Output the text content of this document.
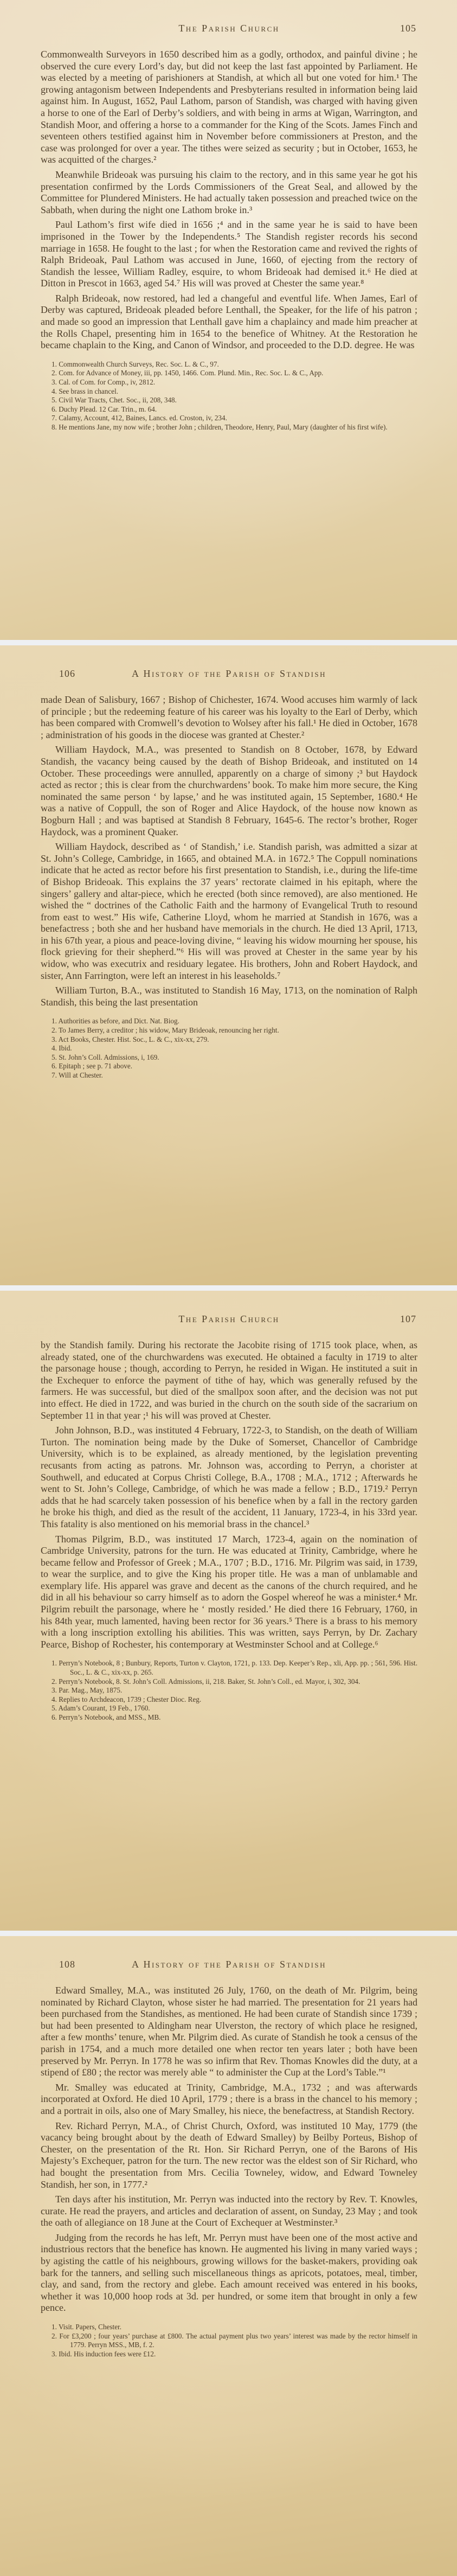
The Parish Church	105

Commonwealth Surveyors in 1650 described him as a godly, orthodox, and painful divine ; he observed the cure every Lord’s day, but did not keep the last fast appointed by Parliament. He was elected by a meeting of parishioners at Standish, at which all but one voted for him.¹ The growing antagonism between Independents and Presbyterians resulted in information being laid against him. In August, 1652, Paul Lathom, parson of Standish, was charged with having given a horse to one of the Earl of Derby’s soldiers, and with being in arms at Wigan, Warrington, and Standish Moor, and offering a horse to a commander for the King of the Scots. James Finch and seventeen others testified against him in November before commissioners at Preston, and the case was prolonged for over a year. The tithes were seized as security ; but in October, 1653, he was acquitted of the charges.²

Meanwhile Brideoak was pursuing his claim to the rectory, and in this same year he got his presentation confirmed by the Lords Commissioners of the Great Seal, and allowed by the Committee for Plundered Ministers. He had actually taken possession and preached twice on the Sabbath, when during the night one Lathom broke in.³

Paul Lathom’s first wife died in 1656 ;⁴ and in the same year he is said to have been imprisoned in the Tower by the Independents.⁵ The Standish register records his second marriage in 1658. He fought to the last ; for when the Restoration came and revived the rights of Ralph Brideoak, Paul Lathom was accused in June, 1660, of ejecting from the rectory of Standish the lessee, William Radley, esquire, to whom Brideoak had demised it.⁶ He died at Ditton in Prescot in 1663, aged 54.⁷ His will was proved at Chester the same year.⁸

Ralph Brideoak, now restored, had led a changeful and eventful life. When James, Earl of Derby was captured, Brideoak pleaded before Lenthall, the Speaker, for the life of his patron ; and made so good an impression that Lenthall gave him a chaplaincy and made him preacher at the Rolls Chapel, presenting him in 1654 to the benefice of Whitney. At the Restoration he became chaplain to the King, and Canon of Windsor, and proceeded to the D.D. degree. He was

1. Commonwealth Church Surveys, Rec. Soc. L. & C., 97.
2. Com. for Advance of Money, iii, pp. 1450, 1466. Com. Plund. Min., Rec. Soc. L. & C., App.
3. Cal. of Com. for Comp., iv, 2812.
4. See brass in chancel.
5. Civil War Tracts, Chet. Soc., ii, 208, 348.
6. Duchy Plead. 12 Car. Trin., m. 64.
7. Calamy, Account, 412, Baines, Lancs. ed. Croston, iv, 234.
8. He mentions Jane, my now wife ; brother John ; children, Theodore, Henry, Paul, Mary (daughter of his first wife).
106	A History of the Parish of Standish

made Dean of Salisbury, 1667 ; Bishop of Chichester, 1674. Wood accuses him warmly of lack of principle ; but the redeeming feature of his career was his loyalty to the Earl of Derby, which has been compared with Cromwell’s devotion to Wolsey after his fall.¹ He died in October, 1678 ; administration of his goods in the diocese was granted at Chester.²

William Haydock, M.A., was presented to Standish on 8 October, 1678, by Edward Standish, the vacancy being caused by the death of Bishop Brideoak, and instituted on 14 October. These proceedings were annulled, apparently on a charge of simony ;³ but Haydock acted as rector ; this is clear from the churchwardens’ book. To make him more secure, the King nominated the same person ‘ by lapse,’ and he was instituted again, 15 September, 1680.⁴ He was a native of Coppull, the son of Roger and Alice Haydock, of the house now known as Bogburn Hall ; and was baptised at Standish 8 February, 1645-6. The rector’s brother, Roger Haydock, was a prominent Quaker.

William Haydock, described as ‘ of Standish,’ i.e. Standish parish, was admitted a sizar at St. John’s College, Cambridge, in 1665, and obtained M.A. in 1672.⁵ The Coppull nominations indicate that he acted as rector before his first presentation to Standish, i.e., during the life-time of Bishop Brideoak. This explains the 37 years’ rectorate claimed in his epitaph, where the singers’ gallery and altar-piece, which he erected (both since removed), are also mentioned. He wished the “ doctrines of the Catholic Faith and the harmony of Evangelical Truth to resound from east to west.” His wife, Catherine Lloyd, whom he married at Standish in 1676, was a benefactress ; both she and her husband have memorials in the church. He died 13 April, 1713, in his 67th year, a pious and peace-loving divine, “ leaving his widow mourning her spouse, his flock grieving for their shepherd.”⁶ His will was proved at Chester in the same year by his widow, who was executrix and residuary legatee. His brothers, John and Robert Haydock, and sister, Ann Farrington, were left an interest in his leaseholds.⁷

William Turton, B.A., was instituted to Standish 16 May, 1713, on the nomination of Ralph Standish, this being the last presentation

1. Authorities as before, and Dict. Nat. Biog.
2. To James Berry, a creditor ; his widow, Mary Brideoak, renouncing her right.
3. Act Books, Chester. Hist. Soc., L. & C., xix-xx, 279.
4. Ibid.
5. St. John’s Coll. Admissions, i, 169.
6. Epitaph ; see p. 71 above.
7. Will at Chester.
The Parish Church	107

by the Standish family. During his rectorate the Jacobite rising of 1715 took place, when, as already stated, one of the churchwardens was executed. He obtained a faculty in 1719 to alter the parsonage house ; though, according to Perryn, he resided in Wigan. He instituted a suit in the Exchequer to enforce the payment of tithe of hay, which was generally refused by the farmers. He was successful, but died of the smallpox soon after, and the decision was not put into effect. He died in 1722, and was buried in the church on the south side of the sacrarium on September 11 in that year ;¹ his will was proved at Chester.

John Johnson, B.D., was instituted 4 February, 1722-3, to Standish, on the death of William Turton. The nomination being made by the Duke of Somerset, Chancellor of Cambridge University, which is to be explained, as already mentioned, by the legislation preventing recusants from acting as patrons. Mr. Johnson was, according to Perryn, a chorister at Southwell, and educated at Corpus Christi College, B.A., 1708 ; M.A., 1712 ; Afterwards he went to St. John’s College, Cambridge, of which he was made a fellow ; B.D., 1719.² Perryn adds that he had scarcely taken possession of his benefice when by a fall in the rectory garden he broke his thigh, and died as the result of the accident, 11 January, 1723-4, in his 33rd year. This fatality is also mentioned on his memorial brass in the chancel.³

Thomas Pilgrim, B.D., was instituted 17 March, 1723-4, again on the nomination of Cambridge University, patrons for the turn. He was educated at Trinity, Cambridge, where he became fellow and Professor of Greek ; M.A., 1707 ; B.D., 1716. Mr. Pilgrim was said, in 1739, to wear the surplice, and to give the King his proper title. He was a man of unblamable and exemplary life. His apparel was grave and decent as the canons of the church required, and he did in all his behaviour so carry himself as to adorn the Gospel whereof he was a minister.⁴ Mr. Pilgrim rebuilt the parsonage, where he ‘ mostly resided.’ He died there 16 February, 1760, in his 84th year, much lamented, having been rector for 36 years.⁵ There is a brass to his memory with a long inscription extolling his abilities. This was written, says Perryn, by Dr. Zachary Pearce, Bishop of Rochester, his contemporary at Westminster School and at College.⁶

1. Perryn’s Notebook, 8 ; Bunbury, Reports, Turton v. Clayton, 1721, p. 133. Dep. Keeper’s Rep., xli, App. pp. ; 561, 596. Hist. Soc., L. & C., xix-xx, p. 265.
2. Perryn’s Notebook, 8. St. John’s Coll. Admissions, ii, 218. Baker, St. John’s Coll., ed. Mayor, i, 302, 304.
3. Par. Mag., May, 1875.
4. Replies to Archdeacon, 1739 ; Chester Dioc. Reg.
5. Adam’s Courant, 19 Feb., 1760.
6. Perryn’s Notebook, and MSS., MB.
108	A History of the Parish of Standish

Edward Smalley, M.A., was instituted 26 July, 1760, on the death of Mr. Pilgrim, being nominated by Richard Clayton, whose sister he had married. The presentation for 21 years had been purchased from the Standishes, as mentioned. He had been curate of Standish since 1739 ; but had been presented to Aldingham near Ulverston, the rectory of which place he resigned, after a few months’ tenure, when Mr. Pilgrim died. As curate of Standish he took a census of the parish in 1754, and a much more detailed one when rector ten years later ; both have been preserved by Mr. Perryn. In 1778 he was so infirm that Rev. Thomas Knowles did the duty, at a stipend of £80 ; the rector was merely able “ to administer the Cup at the Lord’s Table.”¹

Mr. Smalley was educated at Trinity, Cambridge, M.A., 1732 ; and was afterwards incorporated at Oxford. He died 10 April, 1779 ; there is a brass in the chancel to his memory ; and a portrait in oils, also one of Mary Smalley, his niece, the benefactress, at Standish Rectory.

Rev. Richard Perryn, M.A., of Christ Church, Oxford, was instituted 10 May, 1779 (the vacancy being brought about by the death of Edward Smalley) by Beilby Porteus, Bishop of Chester, on the presentation of the Rt. Hon. Sir Richard Perryn, one of the Barons of His Majesty’s Exchequer, patron for the turn. The new rector was the eldest son of Sir Richard, who had bought the presentation from Mrs. Cecilia Towneley, widow, and Edward Towneley Standish, her son, in 1777.²

Ten days after his institution, Mr. Perryn was inducted into the rectory by Rev. T. Knowles, curate. He read the prayers, and articles and declaration of assent, on Sunday, 23 May ; and took the oath of allegiance on 18 June at the Court of Exchequer at Westminster.³

Judging from the records he has left, Mr. Perryn must have been one of the most active and industrious rectors that the benefice has known. He augmented his living in many varied ways ; by agisting the cattle of his neighbours, growing willows for the basket-makers, providing oak bark for the tanners, and selling such miscellaneous things as apricots, potatoes, meal, timber, clay, and sand, from the rectory and glebe. Each amount received was entered in his books, whether it was 10,000 hoop rods at 3d. per hundred, or some item that brought in only a few pence.

1. Visit. Papers, Chester.
2. For £3,200 ; four years’ purchase at £800. The actual payment plus two years’ interest was made by the rector himself in 1779. Perryn MSS., MB, f. 2.
3. Ibid. His induction fees were £12.
